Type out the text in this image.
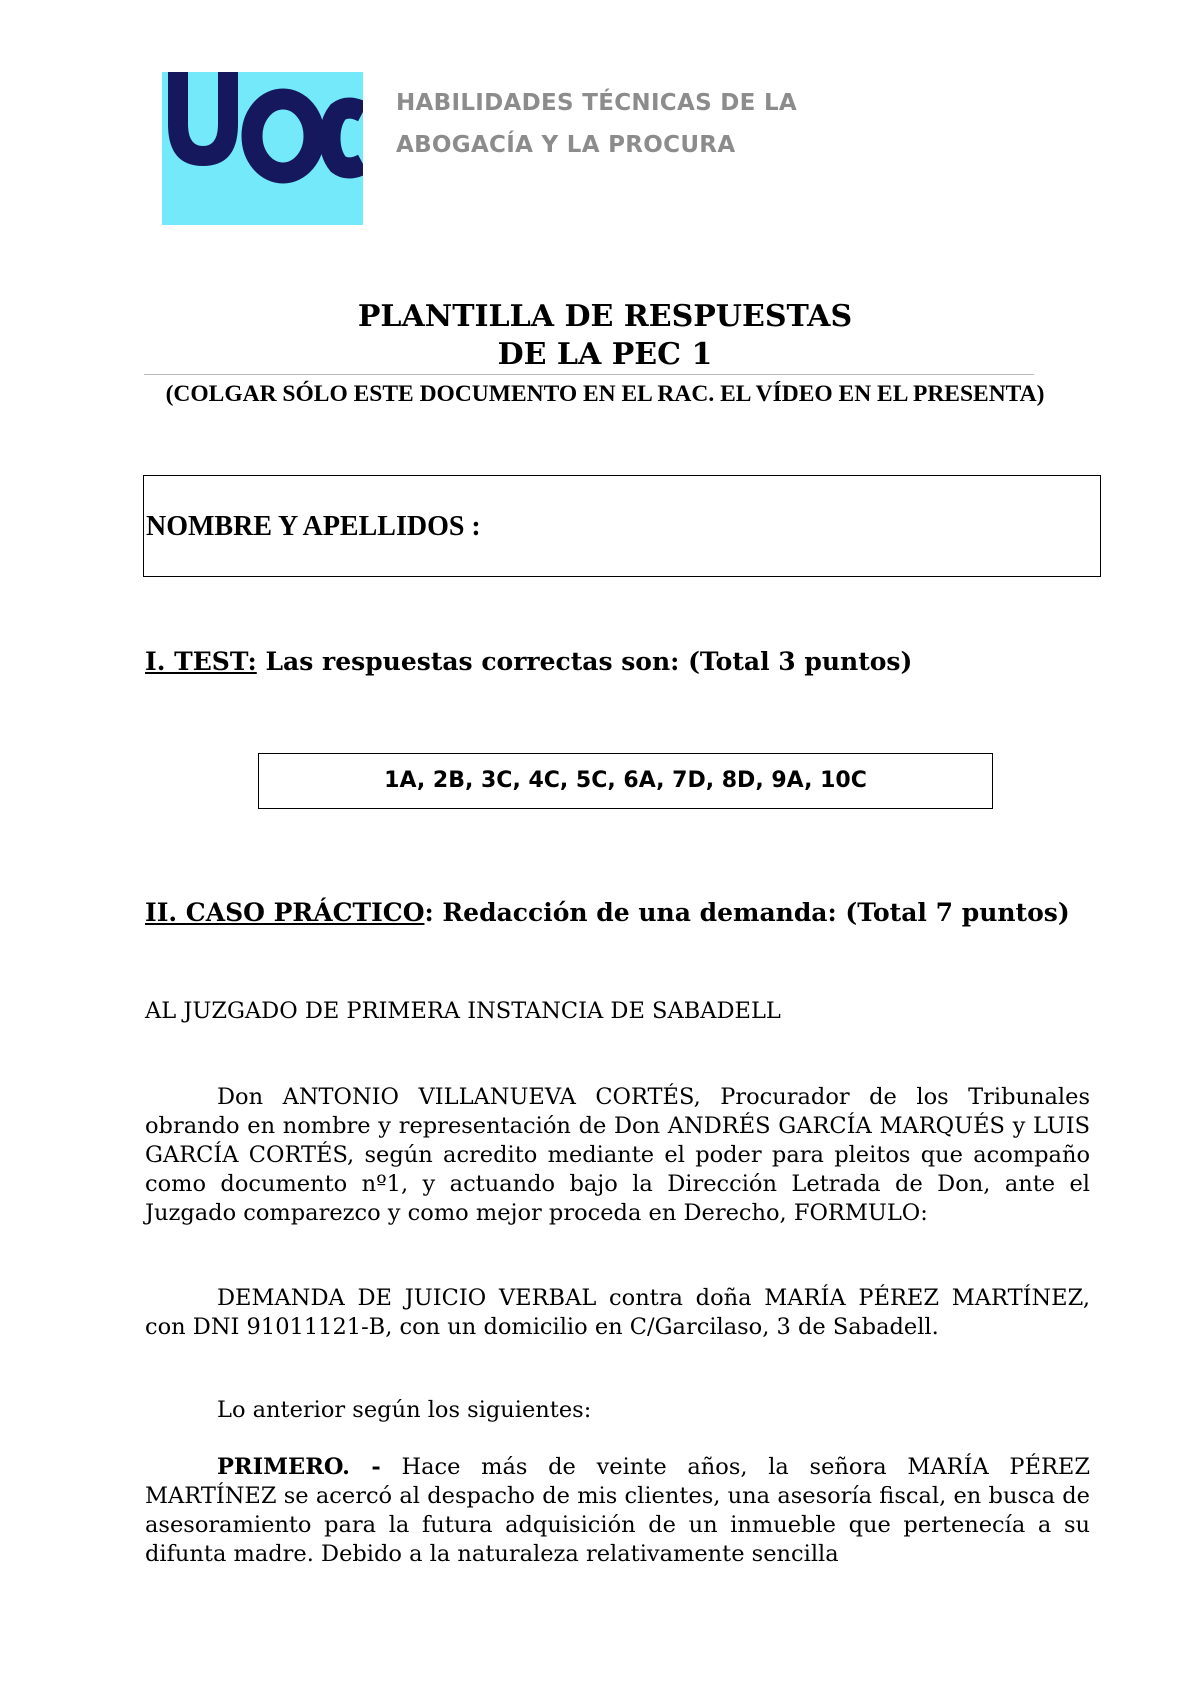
HABILIDADES TÉCNICAS DE LA
ABOGACÍA Y LA PROCURA
PLANTILLA DE RESPUESTAS
DE LA PEC 1
(COLGAR SÓLO ESTE DOCUMENTO EN EL RAC. EL VÍDEO EN EL PRESENTA)
NOMBRE Y APELLIDOS :
I. TEST: Las respuestas correctas son: (Total 3 puntos)
1A, 2B, 3C, 4C, 5C, 6A, 7D, 8D, 9A, 10C
II. CASO PRÁCTICO: Redacción de una demanda: (Total 7 puntos)
AL JUZGADO DE PRIMERA INSTANCIA DE SABADELL
Don ANTONIO VILLANUEVA CORTÉS, Procurador de los Tribunales obrando en nombre y representación de Don ANDRÉS GARCÍA MARQUÉS y LUIS GARCÍA CORTÉS, según acredito mediante el poder para pleitos que acompaño como documento nº1, y actuando bajo la Dirección Letrada de Don, ante el Juzgado comparezco y como mejor proceda en Derecho, FORMULO:
DEMANDA DE JUICIO VERBAL contra doña MARÍA PÉREZ MARTÍNEZ, con DNI 91011121-B, con un domicilio en C/Garcilaso, 3 de Sabadell.
Lo anterior según los siguientes:
PRIMERO. - Hace más de veinte años, la señora MARÍA PÉREZ MARTÍNEZ se acercó al despacho de mis clientes, una asesoría fiscal, en busca de asesoramiento para la futura adquisición de un inmueble que pertenecía a su difunta madre. Debido a la naturaleza relativamente sencilla
